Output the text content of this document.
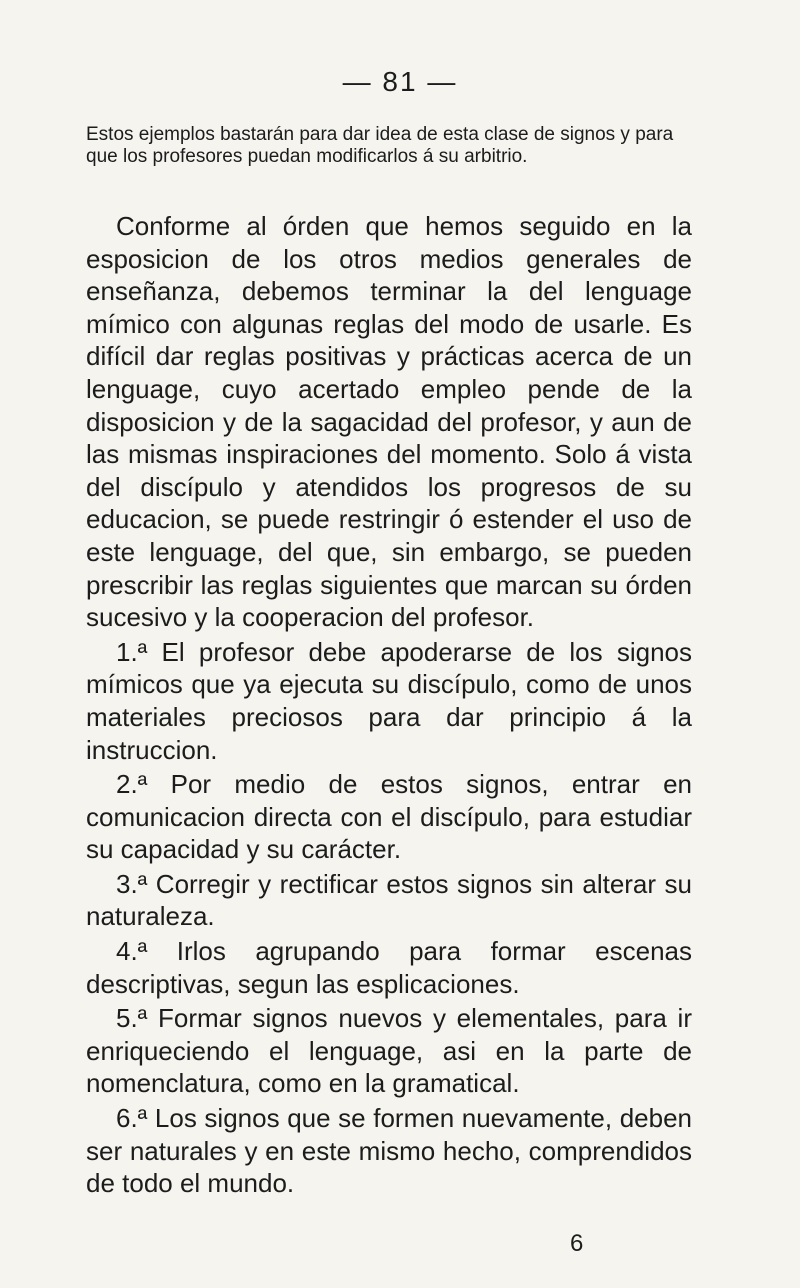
— 81 —

Estos ejemplos bastarán para dar idea de esta clase de signos y para que los profesores puedan modificarlos á su arbitrio.

Conforme al órden que hemos seguido en la esposicion de los otros medios generales de enseñanza, debemos terminar la del lenguage mímico con algunas reglas del modo de usarle. Es difícil dar reglas positivas y prácticas acerca de un lenguage, cuyo acertado empleo pende de la disposicion y de la sagacidad del profesor, y aun de las mismas inspiraciones del momento. Solo á vista del discípulo y atendidos los progresos de su educacion, se puede restringir ó estender el uso de este lenguage, del que, sin embargo, se pueden prescribir las reglas siguientes que marcan su órden sucesivo y la cooperacion del profesor.

1.ª El profesor debe apoderarse de los signos mímicos que ya ejecuta su discípulo, como de unos materiales preciosos para dar principio á la instruccion.

2.ª Por medio de estos signos, entrar en comunicacion directa con el discípulo, para estudiar su capacidad y su carácter.

3.ª Corregir y rectificar estos signos sin alterar su naturaleza.

4.ª Irlos agrupando para formar escenas descriptivas, segun las esplicaciones.

5.ª Formar signos nuevos y elementales, para ir enriqueciendo el lenguage, asi en la parte de nomenclatura, como en la gramatical.

6.ª Los signos que se formen nuevamente, deben ser naturales y en este mismo hecho, comprendidos de todo el mundo.

6
